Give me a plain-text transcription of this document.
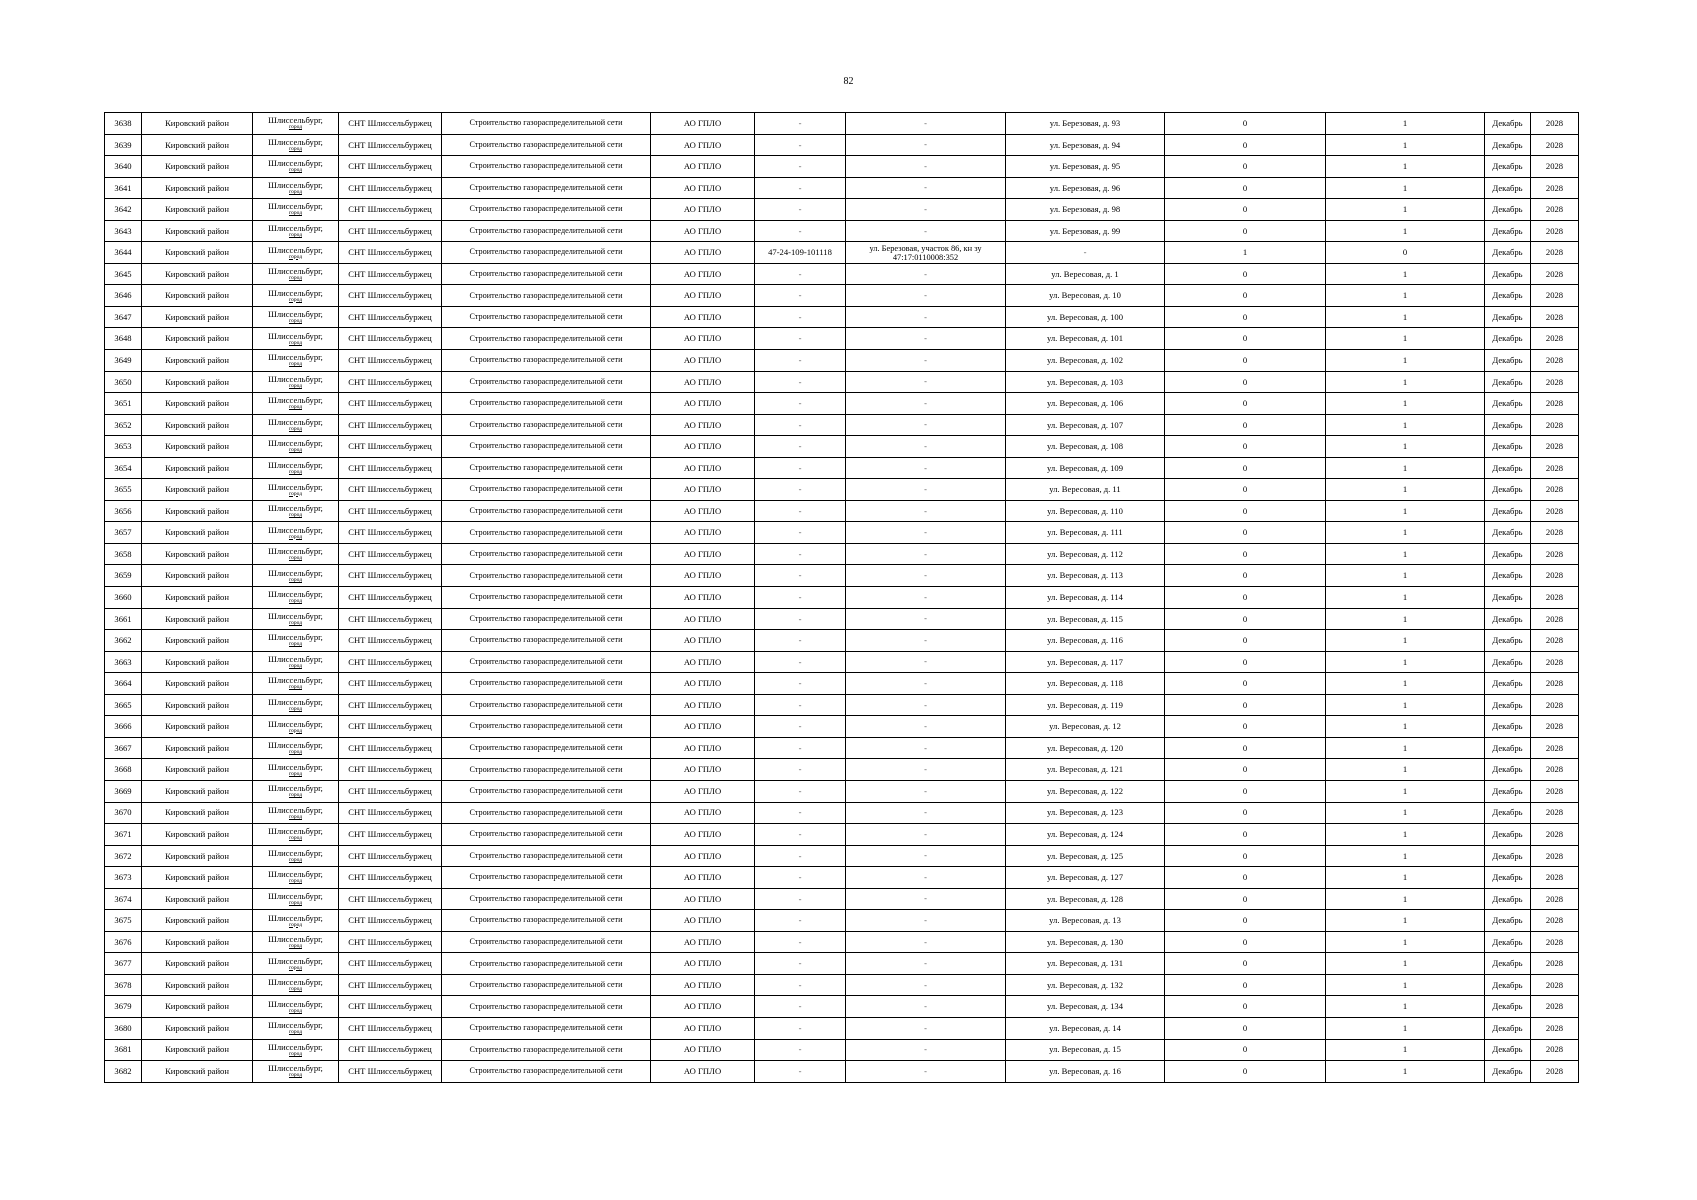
82
3638	Кировский район	Шлиссельбург,
город	СНТ Шлиссельбуржец	Строительство газораспределительной сети	АО ГПЛО	-	-	ул. Березовая, д. 93	0	1	Декабрь	2028
3639	Кировский район	Шлиссельбург,
город	СНТ Шлиссельбуржец	Строительство газораспределительной сети	АО ГПЛО	-	-	ул. Березовая, д. 94	0	1	Декабрь	2028
3640	Кировский район	Шлиссельбург,
город	СНТ Шлиссельбуржец	Строительство газораспределительной сети	АО ГПЛО	-	-	ул. Березовая, д. 95	0	1	Декабрь	2028
3641	Кировский район	Шлиссельбург,
город	СНТ Шлиссельбуржец	Строительство газораспределительной сети	АО ГПЛО	-	-	ул. Березовая, д. 96	0	1	Декабрь	2028
3642	Кировский район	Шлиссельбург,
город	СНТ Шлиссельбуржец	Строительство газораспределительной сети	АО ГПЛО	-	-	ул. Березовая, д. 98	0	1	Декабрь	2028
3643	Кировский район	Шлиссельбург,
город	СНТ Шлиссельбуржец	Строительство газораспределительной сети	АО ГПЛО	-	-	ул. Березовая, д. 99	0	1	Декабрь	2028
3644	Кировский район	Шлиссельбург,
город	СНТ Шлиссельбуржец	Строительство газораспределительной сети	АО ГПЛО	47-24-109-101118	ул. Березовая, участок 86, кн зу 47:17:0110008:352	-	1	0	Декабрь	2028
3645	Кировский район	Шлиссельбург,
город	СНТ Шлиссельбуржец	Строительство газораспределительной сети	АО ГПЛО	-	-	ул. Вересовая, д. 1	0	1	Декабрь	2028
3646	Кировский район	Шлиссельбург,
город	СНТ Шлиссельбуржец	Строительство газораспределительной сети	АО ГПЛО	-	-	ул. Вересовая, д. 10	0	1	Декабрь	2028
3647	Кировский район	Шлиссельбург,
город	СНТ Шлиссельбуржец	Строительство газораспределительной сети	АО ГПЛО	-	-	ул. Вересовая, д. 100	0	1	Декабрь	2028
3648	Кировский район	Шлиссельбург,
город	СНТ Шлиссельбуржец	Строительство газораспределительной сети	АО ГПЛО	-	-	ул. Вересовая, д. 101	0	1	Декабрь	2028
3649	Кировский район	Шлиссельбург,
город	СНТ Шлиссельбуржец	Строительство газораспределительной сети	АО ГПЛО	-	-	ул. Вересовая, д. 102	0	1	Декабрь	2028
3650	Кировский район	Шлиссельбург,
город	СНТ Шлиссельбуржец	Строительство газораспределительной сети	АО ГПЛО	-	-	ул. Вересовая, д. 103	0	1	Декабрь	2028
3651	Кировский район	Шлиссельбург,
город	СНТ Шлиссельбуржец	Строительство газораспределительной сети	АО ГПЛО	-	-	ул. Вересовая, д. 106	0	1	Декабрь	2028
3652	Кировский район	Шлиссельбург,
город	СНТ Шлиссельбуржец	Строительство газораспределительной сети	АО ГПЛО	-	-	ул. Вересовая, д. 107	0	1	Декабрь	2028
3653	Кировский район	Шлиссельбург,
город	СНТ Шлиссельбуржец	Строительство газораспределительной сети	АО ГПЛО	-	-	ул. Вересовая, д. 108	0	1	Декабрь	2028
3654	Кировский район	Шлиссельбург,
город	СНТ Шлиссельбуржец	Строительство газораспределительной сети	АО ГПЛО	-	-	ул. Вересовая, д. 109	0	1	Декабрь	2028
3655	Кировский район	Шлиссельбург,
город	СНТ Шлиссельбуржец	Строительство газораспределительной сети	АО ГПЛО	-	-	ул. Вересовая, д. 11	0	1	Декабрь	2028
3656	Кировский район	Шлиссельбург,
город	СНТ Шлиссельбуржец	Строительство газораспределительной сети	АО ГПЛО	-	-	ул. Вересовая, д. 110	0	1	Декабрь	2028
3657	Кировский район	Шлиссельбург,
город	СНТ Шлиссельбуржец	Строительство газораспределительной сети	АО ГПЛО	-	-	ул. Вересовая, д. 111	0	1	Декабрь	2028
3658	Кировский район	Шлиссельбург,
город	СНТ Шлиссельбуржец	Строительство газораспределительной сети	АО ГПЛО	-	-	ул. Вересовая, д. 112	0	1	Декабрь	2028
3659	Кировский район	Шлиссельбург,
город	СНТ Шлиссельбуржец	Строительство газораспределительной сети	АО ГПЛО	-	-	ул. Вересовая, д. 113	0	1	Декабрь	2028
3660	Кировский район	Шлиссельбург,
город	СНТ Шлиссельбуржец	Строительство газораспределительной сети	АО ГПЛО	-	-	ул. Вересовая, д. 114	0	1	Декабрь	2028
3661	Кировский район	Шлиссельбург,
город	СНТ Шлиссельбуржец	Строительство газораспределительной сети	АО ГПЛО	-	-	ул. Вересовая, д. 115	0	1	Декабрь	2028
3662	Кировский район	Шлиссельбург,
город	СНТ Шлиссельбуржец	Строительство газораспределительной сети	АО ГПЛО	-	-	ул. Вересовая, д. 116	0	1	Декабрь	2028
3663	Кировский район	Шлиссельбург,
город	СНТ Шлиссельбуржец	Строительство газораспределительной сети	АО ГПЛО	-	-	ул. Вересовая, д. 117	0	1	Декабрь	2028
3664	Кировский район	Шлиссельбург,
город	СНТ Шлиссельбуржец	Строительство газораспределительной сети	АО ГПЛО	-	-	ул. Вересовая, д. 118	0	1	Декабрь	2028
3665	Кировский район	Шлиссельбург,
город	СНТ Шлиссельбуржец	Строительство газораспределительной сети	АО ГПЛО	-	-	ул. Вересовая, д. 119	0	1	Декабрь	2028
3666	Кировский район	Шлиссельбург,
город	СНТ Шлиссельбуржец	Строительство газораспределительной сети	АО ГПЛО	-	-	ул. Вересовая, д. 12	0	1	Декабрь	2028
3667	Кировский район	Шлиссельбург,
город	СНТ Шлиссельбуржец	Строительство газораспределительной сети	АО ГПЛО	-	-	ул. Вересовая, д. 120	0	1	Декабрь	2028
3668	Кировский район	Шлиссельбург,
город	СНТ Шлиссельбуржец	Строительство газораспределительной сети	АО ГПЛО	-	-	ул. Вересовая, д. 121	0	1	Декабрь	2028
3669	Кировский район	Шлиссельбург,
город	СНТ Шлиссельбуржец	Строительство газораспределительной сети	АО ГПЛО	-	-	ул. Вересовая, д. 122	0	1	Декабрь	2028
3670	Кировский район	Шлиссельбург,
город	СНТ Шлиссельбуржец	Строительство газораспределительной сети	АО ГПЛО	-	-	ул. Вересовая, д. 123	0	1	Декабрь	2028
3671	Кировский район	Шлиссельбург,
город	СНТ Шлиссельбуржец	Строительство газораспределительной сети	АО ГПЛО	-	-	ул. Вересовая, д. 124	0	1	Декабрь	2028
3672	Кировский район	Шлиссельбург,
город	СНТ Шлиссельбуржец	Строительство газораспределительной сети	АО ГПЛО	-	-	ул. Вересовая, д. 125	0	1	Декабрь	2028
3673	Кировский район	Шлиссельбург,
город	СНТ Шлиссельбуржец	Строительство газораспределительной сети	АО ГПЛО	-	-	ул. Вересовая, д. 127	0	1	Декабрь	2028
3674	Кировский район	Шлиссельбург,
город	СНТ Шлиссельбуржец	Строительство газораспределительной сети	АО ГПЛО	-	-	ул. Вересовая, д. 128	0	1	Декабрь	2028
3675	Кировский район	Шлиссельбург,
город	СНТ Шлиссельбуржец	Строительство газораспределительной сети	АО ГПЛО	-	-	ул. Вересовая, д. 13	0	1	Декабрь	2028
3676	Кировский район	Шлиссельбург,
город	СНТ Шлиссельбуржец	Строительство газораспределительной сети	АО ГПЛО	-	-	ул. Вересовая, д. 130	0	1	Декабрь	2028
3677	Кировский район	Шлиссельбург,
город	СНТ Шлиссельбуржец	Строительство газораспределительной сети	АО ГПЛО	-	-	ул. Вересовая, д. 131	0	1	Декабрь	2028
3678	Кировский район	Шлиссельбург,
город	СНТ Шлиссельбуржец	Строительство газораспределительной сети	АО ГПЛО	-	-	ул. Вересовая, д. 132	0	1	Декабрь	2028
3679	Кировский район	Шлиссельбург,
город	СНТ Шлиссельбуржец	Строительство газораспределительной сети	АО ГПЛО	-	-	ул. Вересовая, д. 134	0	1	Декабрь	2028
3680	Кировский район	Шлиссельбург,
город	СНТ Шлиссельбуржец	Строительство газораспределительной сети	АО ГПЛО	-	-	ул. Вересовая, д. 14	0	1	Декабрь	2028
3681	Кировский район	Шлиссельбург,
город	СНТ Шлиссельбуржец	Строительство газораспределительной сети	АО ГПЛО	-	-	ул. Вересовая, д. 15	0	1	Декабрь	2028
3682	Кировский район	Шлиссельбург,
город	СНТ Шлиссельбуржец	Строительство газораспределительной сети	АО ГПЛО	-	-	ул. Вересовая, д. 16	0	1	Декабрь	2028
